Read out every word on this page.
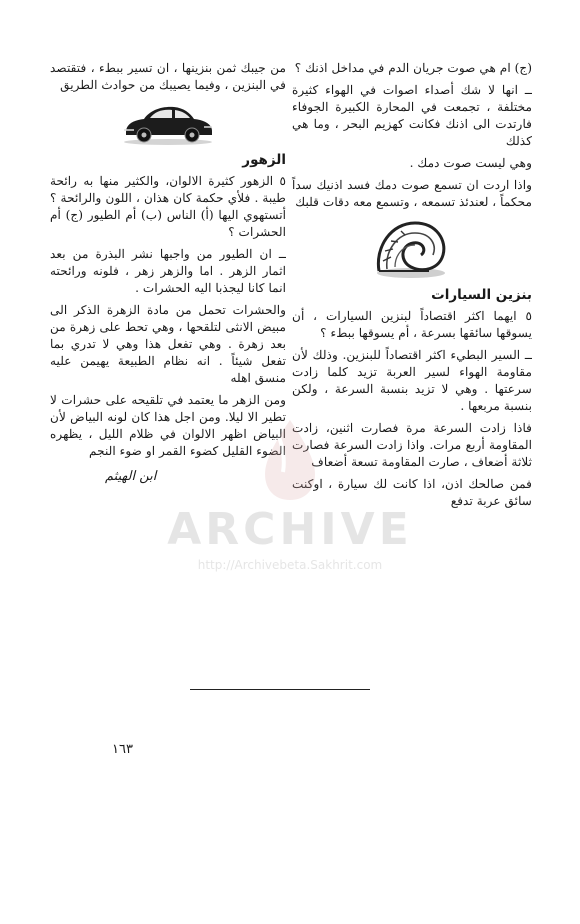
(ج) ام هي صوت جريان الدم في مداخل اذنك ؟

ــ انها لا شك أصداء اصوات في الهواء كثيرة مختلفة ، تجمعت في المحارة الكبيرة الجوفاء فارتدت الى اذنك فكانت كهزيم البحر ، وما هي كذلك

وهي ليست صوت دمك .

واذا اردت ان تسمع صوت دمك فسد اذنيك سداً محكماً ، لعندئذ تسمعه ، وتسمع معه دقات قلبك

بنزين السيارات

٥ ايهما اكثر اقتصاداً لبنزين السيارات ، أن يسوقها سائقها بسرعة ، أم يسوقها ببطء ؟

ــ السير البطيء اكثر اقتصاداً للبنزين. وذلك لأن مقاومة الهواء لسير العربة تزيد كلما زادت سرعتها . وهي لا تزيد بنسبة السرعة ، ولكن بنسبة مربعها .

فاذا زادت السرعة مرة فصارت اثنين، زادت المقاومة أربع مرات. واذا زادت السرعة فصارت ثلاثة أضعاف ، صارت المقاومة تسعة أضعاف

فمن صالحك اذن، اذا كانت لك سيارة ، اوكنت سائق عربة تدفع

من جيبك ثمن بنزينها ، ان تسير ببطء ، فتقتصد في البنزين ، وفيما يصيبك من حوادث الطريق

الزهور

٥ الزهور كثيرة الالوان، والكثير منها به رائحة طيبة . فلأي حكمة كان هذان ، اللون والرائحة ؟ أتستهوي اليها (أ) الناس (ب) أم الطيور (ج) أم الحشرات ؟

ــ ان الطيور من واجبها نشر البذرة من بعد اثمار الزهر . اما والزهر زهر ، فلونه ورائحته انما كانا ليجذبا اليه الحشرات .

والحشرات تحمل من مادة الزهرة الذكر الى مبيض الانثى لتلقحها ، وهي تحط على زهرة من بعد زهرة . وهي تفعل هذا وهي لا تدري بما تفعل شيئاً . انه نظام الطبيعة يهيمن عليه منسق اهله

ومن الزهر ما يعتمد في تلقيحه على حشرات لا تطير الا ليلا. ومن اجل هذا كان لونه البياض لأن البياض اظهر الالوان في ظلام الليل ، يظهره الضوء القليل كضوء القمر او ضوء النجم

ابن الهيثم
ARCHIVE
http://Archivebeta.Sakhrit.com
١٦٣
